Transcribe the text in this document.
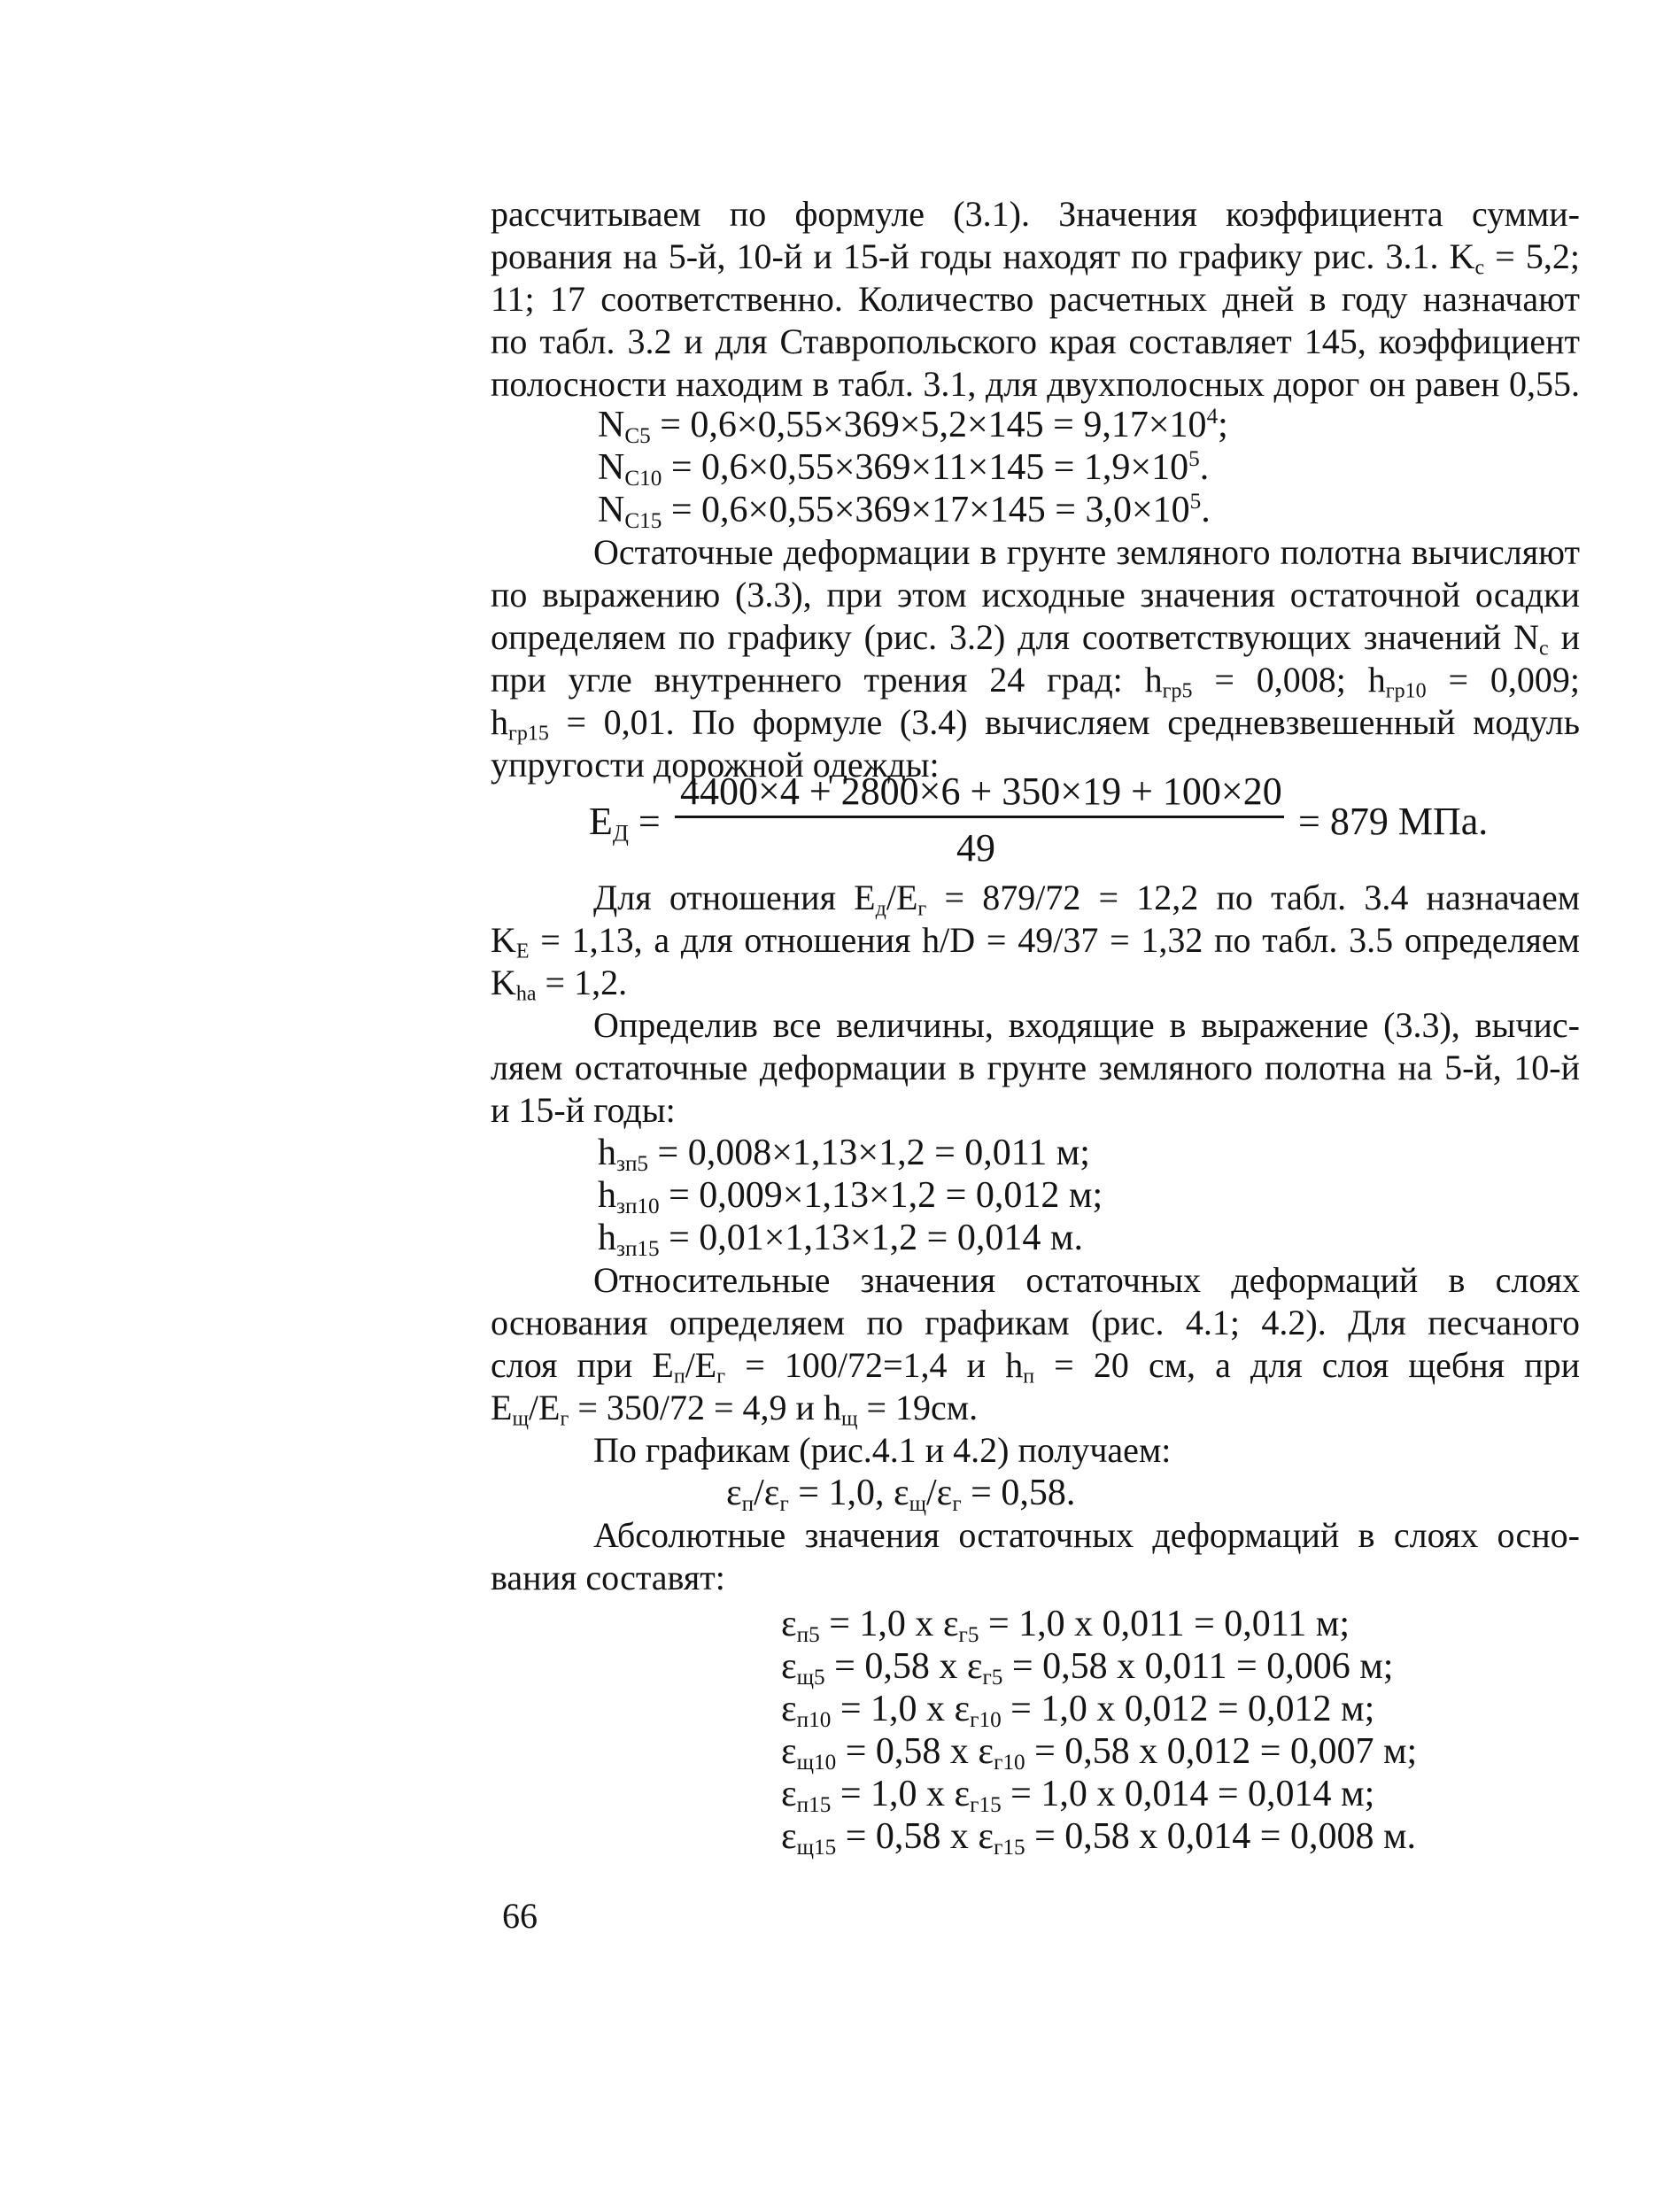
рассчитываем по формуле (3.1). Значения коэффициента сумми-
рования на 5-й, 10-й и 15-й годы находят по графику рис. 3.1. $K_c = 5,2$;
11; 17 соответственно. Количество расчетных дней в году назначают
по табл. 3.2 и для Ставропольского края составляет 145, коэффициент
полосности находим в табл. 3.1, для двухполосных дорог он равен 0,55.
$N_{C5} = 0,6\times 0,55\times 369\times 5,2\times 145 = 9,17\times 10^4$;
$N_{C10} = 0,6\times 0,55\times 369\times 11\times 145 = 1,9\times 10^5$.
$N_{C15} = 0,6\times 0,55\times 369\times 17\times 145 = 3,0\times 10^5$.
Остаточные деформации в грунте земляного полотна вычисляют
по выражению (3.3), при этом исходные значения остаточной осадки
определяем по графику (рис. 3.2) для соответствующих значений $N_c$ и
при угле внутреннего трения 24 град: $h_{гр5} = 0,008$; $h_{гр10} = 0,009$;
$h_{гр15} = 0,01$. По формуле (3.4) вычисляем средневзвешенный модуль
упругости дорожной одежды:
$E_Д$ =
4400×4 + 2800×6 + 350×19 + 100×20
49
= 879 МПа.
Для отношения $E_д/E_г = 879/72 = 12,2$ по табл. 3.4 назначаем
$K_E = 1,13$, а для отношения h/D = 49/37 = 1,32 по табл. 3.5 определяем
$K_{ha} = 1,2$.
Определив все величины, входящие в выражение (3.3), вычис-
ляем остаточные деформации в грунте земляного полотна на 5-й, 10-й
и 15-й годы:
$h_{зп5} = 0,008\times 1,13\times 1,2 = 0,011$ м;
$h_{зп10} = 0,009\times 1,13\times 1,2 = 0,012$ м;
$h_{зп15} = 0,01\times 1,13\times 1,2 = 0,014$ м.
Относительные значения остаточных деформаций в слоях
основания определяем по графикам (рис. 4.1; 4.2). Для песчаного
слоя при $E_п/E_г = 100/72=1,4$ и $h_п = 20$ см, а для слоя щебня при
$E_щ/E_г = 350/72 = 4,9$ и $h_щ = 19см$.
По графикам (рис.4.1 и 4.2) получаем:
$\varepsilon_п/\varepsilon_г = 1,0$, $\varepsilon_щ/\varepsilon_г = 0,58$.
Абсолютные значения остаточных деформаций в слоях осно-
вания составят:
$\varepsilon_{п5} = 1,0$ x $\varepsilon_{г5} = 1,0$ x 0,011 = 0,011 м;
$\varepsilon_{щ5} = 0,58$ x $\varepsilon_{г5} = 0,58$ x 0,011 = 0,006 м;
$\varepsilon_{п10} = 1,0$ x $\varepsilon_{г10} = 1,0$ x 0,012 = 0,012 м;
$\varepsilon_{щ10} = 0,58$ x $\varepsilon_{г10} = 0,58$ x 0,012 = 0,007 м;
$\varepsilon_{п15} = 1,0$ x $\varepsilon_{г15} = 1,0$ x 0,014 = 0,014 м;
$\varepsilon_{щ15} = 0,58$ x $\varepsilon_{г15} = 0,58$ x 0,014 = 0,008 м.
66
